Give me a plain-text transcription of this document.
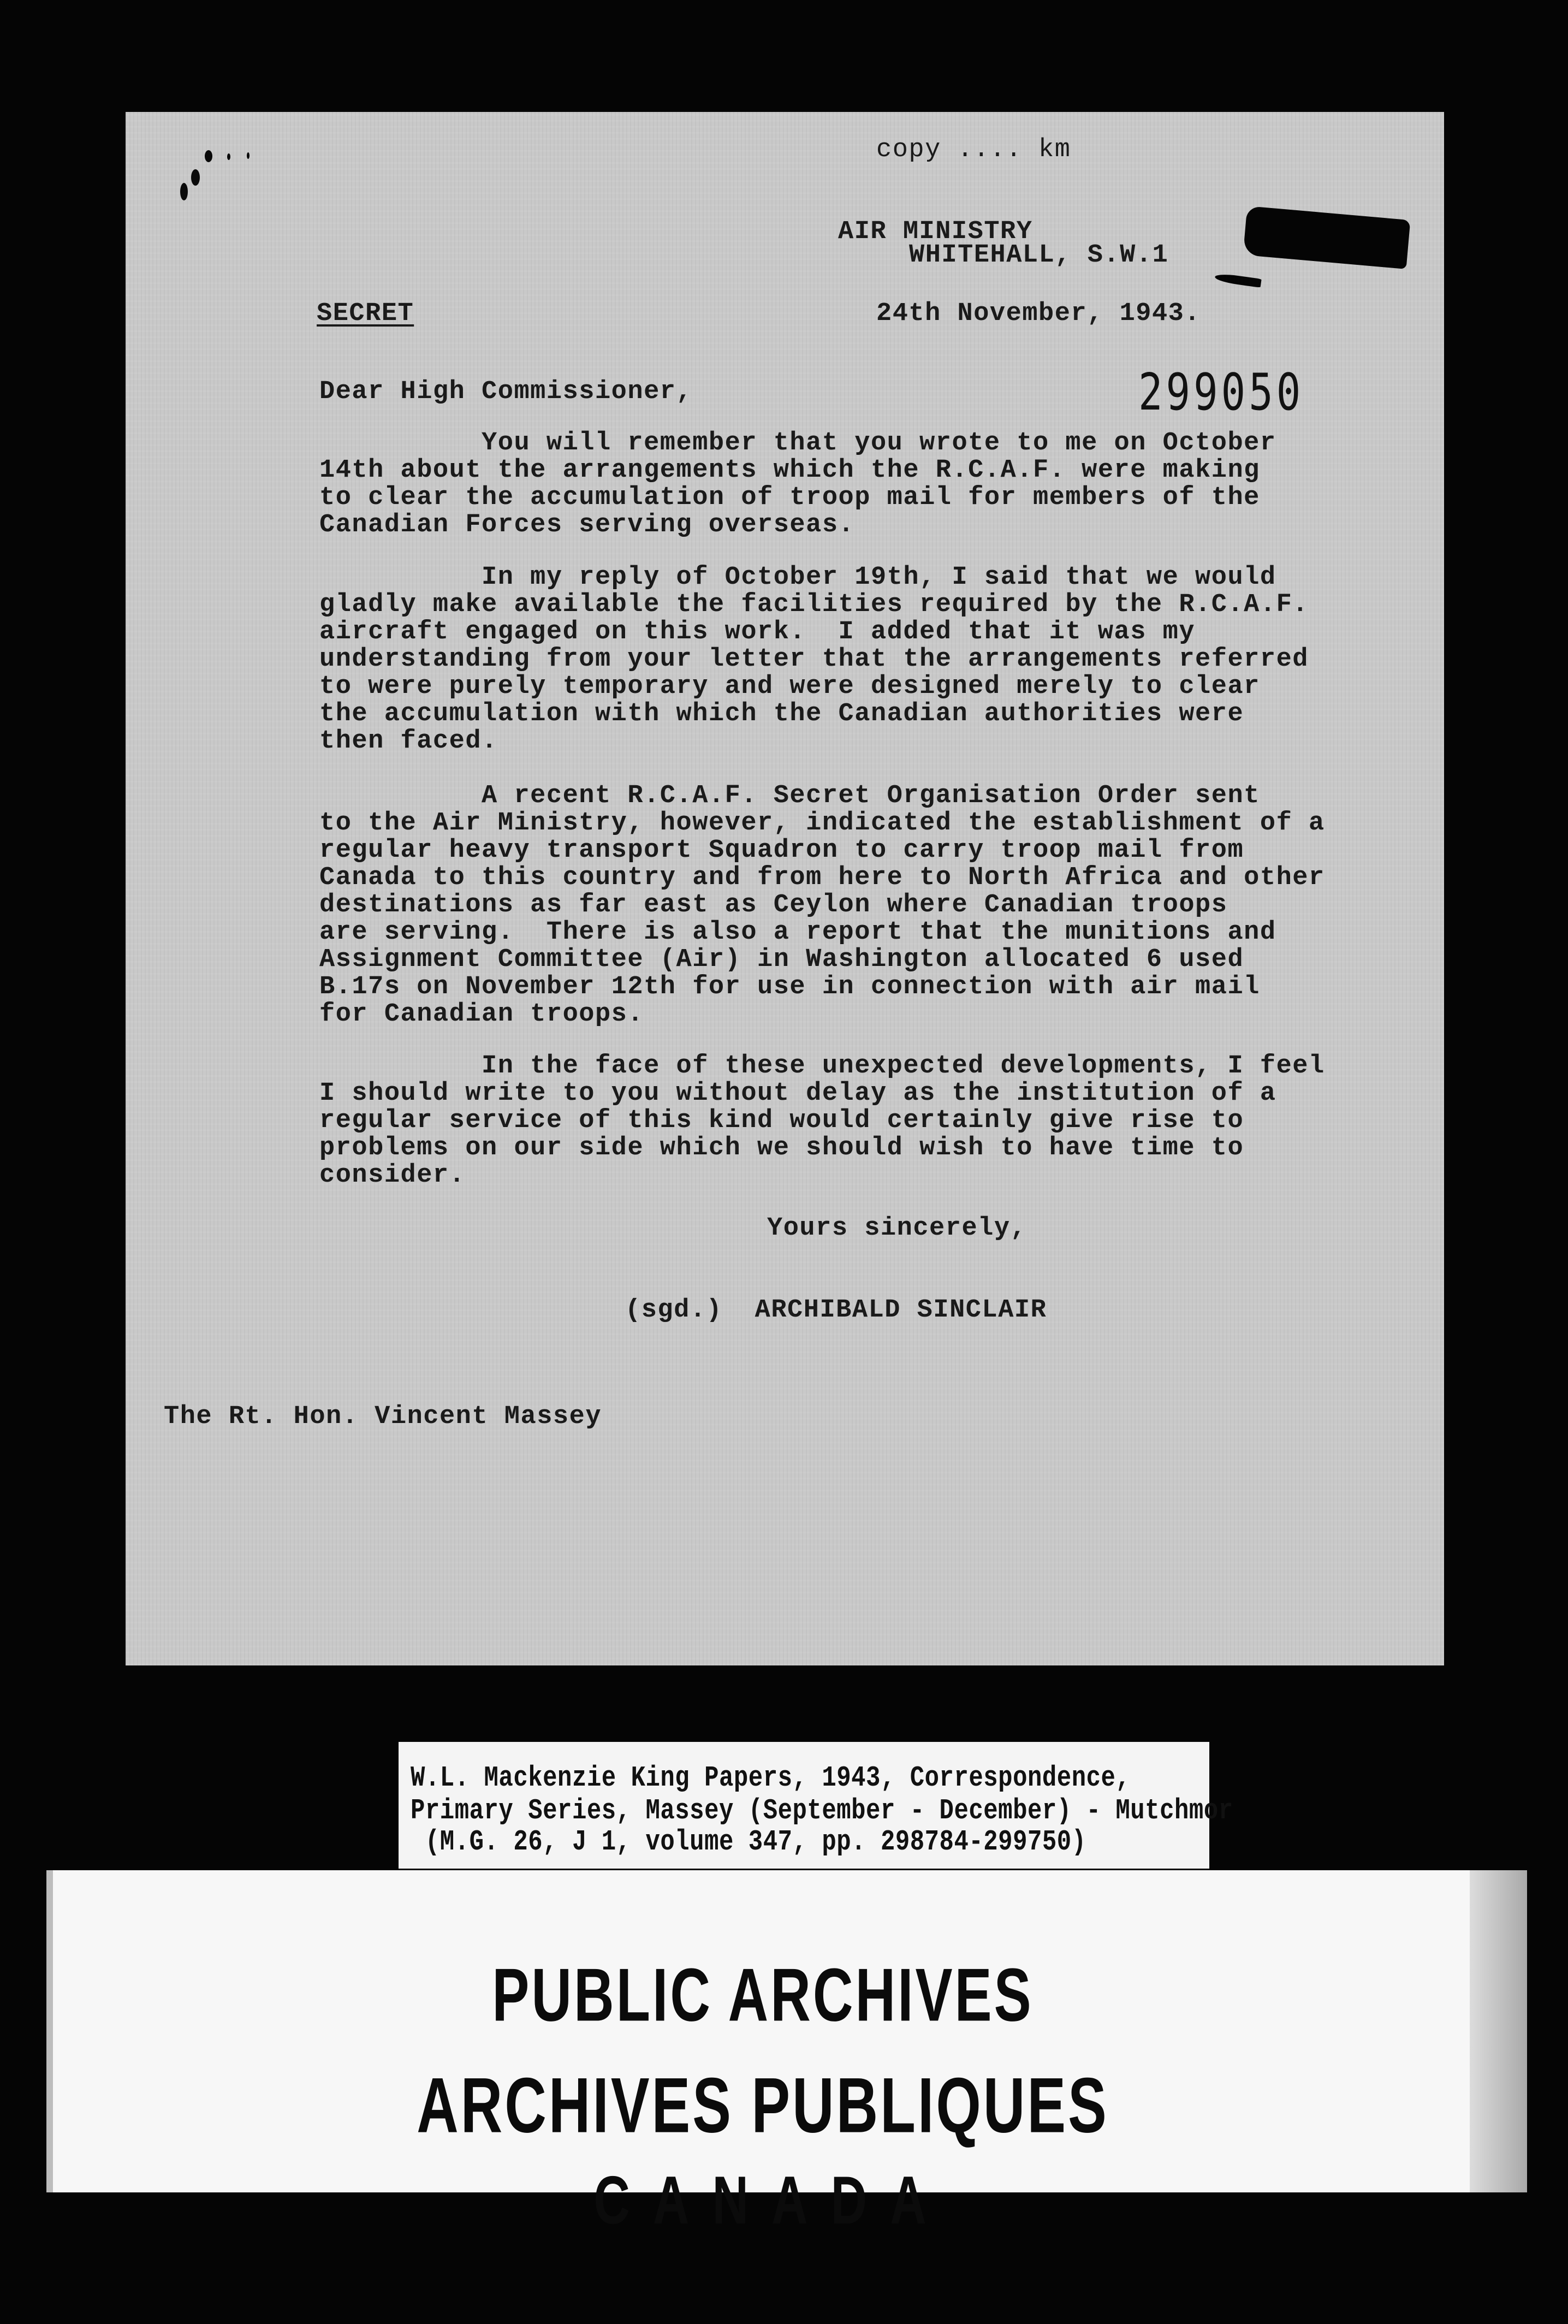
copy .... km
AIR MINISTRY
WHITEHALL, S.W.1
SECRET	24th November, 1943.
Dear High Commissioner,	299050
You will remember that you wrote to me on October
14th about the arrangements which the R.C.A.F. were making
to clear the accumulation of troop mail for members of the
Canadian Forces serving overseas.
In my reply of October 19th, I said that we would
gladly make available the facilities required by the R.C.A.F.
aircraft engaged on this work.  I added that it was my
understanding from your letter that the arrangements referred
to were purely temporary and were designed merely to clear
the accumulation with which the Canadian authorities were
then faced.
A recent R.C.A.F. Secret Organisation Order sent
to the Air Ministry, however, indicated the establishment of a
regular heavy transport Squadron to carry troop mail from
Canada to this country and from here to North Africa and other
destinations as far east as Ceylon where Canadian troops
are serving.  There is also a report that the munitions and
Assignment Committee (Air) in Washington allocated 6 used
B.17s on November 12th for use in connection with air mail
for Canadian troops.
In the face of these unexpected developments, I feel
I should write to you without delay as the institution of a
regular service of this kind would certainly give rise to
problems on our side which we should wish to have time to
consider.
Yours sincerely,
(sgd.)  ARCHIBALD SINCLAIR
The Rt. Hon. Vincent Massey
W.L. Mackenzie King Papers, 1943, Correspondence,
Primary Series, Massey (September - December) - Mutchmor
(M.G. 26, J 1, volume 347, pp. 298784-299750)
PUBLIC ARCHIVES
ARCHIVES PUBLIQUES
C A N A D A
